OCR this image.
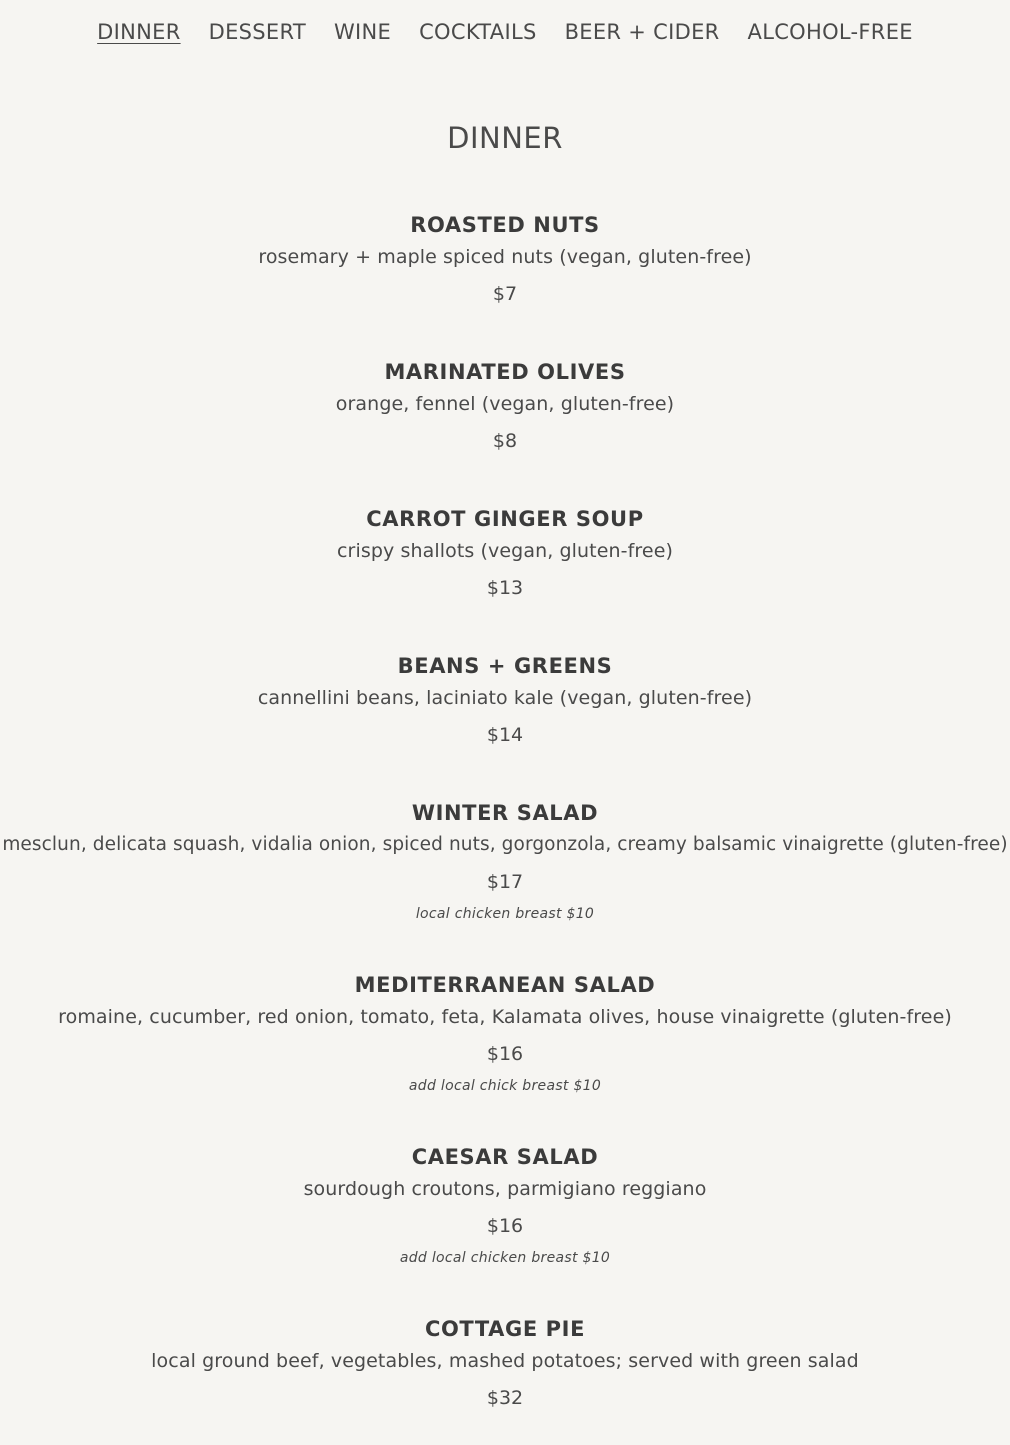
DINNER DESSERT WINE COCKTAILS BEER + CIDER ALCOHOL-FREE
DINNER
ROASTED NUTS
rosemary + maple spiced nuts (vegan, gluten-free)
$7
MARINATED OLIVES
orange, fennel (vegan, gluten-free)
$8
CARROT GINGER SOUP
crispy shallots (vegan, gluten-free)
$13
BEANS + GREENS
cannellini beans, laciniato kale (vegan, gluten-free)
$14
WINTER SALAD
mesclun, delicata squash, vidalia onion, spiced nuts, gorgonzola, creamy balsamic vinaigrette (gluten-free)
$17
local chicken breast $10
MEDITERRANEAN SALAD
romaine, cucumber, red onion, tomato, feta, Kalamata olives, house vinaigrette (gluten-free)
$16
add local chick breast $10
CAESAR SALAD
sourdough croutons, parmigiano reggiano
$16
add local chicken breast $10
COTTAGE PIE
local ground beef, vegetables, mashed potatoes; served with green salad
$32
